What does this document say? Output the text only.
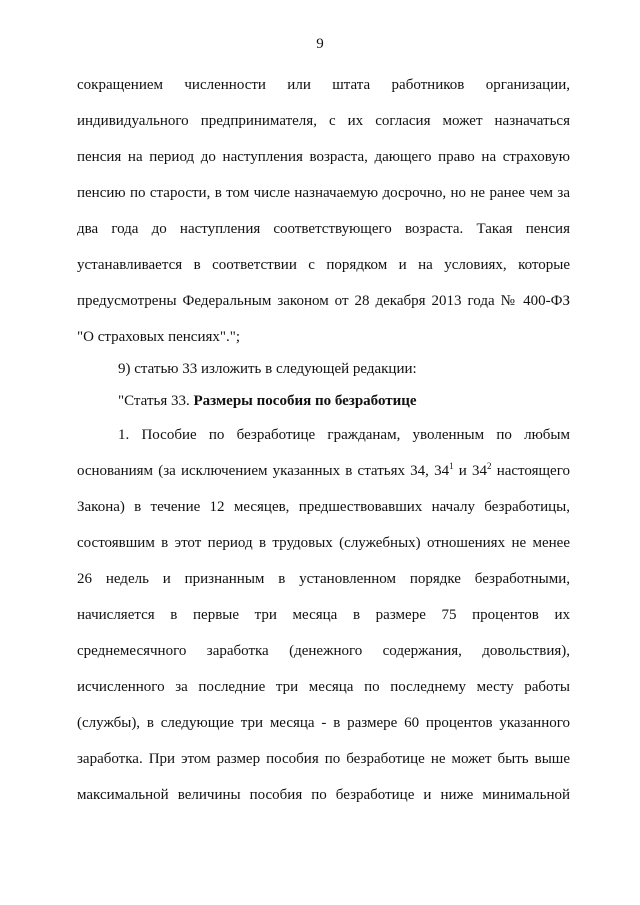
9
сокращением численности или штата работников организации,
индивидуального предпринимателя, с их согласия может назначаться
пенсия на период до наступления возраста, дающего право на страховую
пенсию по старости, в том числе назначаемую досрочно, но не ранее чем за
два года до наступления соответствующего возраста. Такая пенсия
устанавливается в соответствии с порядком и на условиях, которые
предусмотрены Федеральным законом от 28 декабря 2013 года № 400-ФЗ
"О страховых пенсиях".";
9) статью 33 изложить в следующей редакции:
"Статья 33. Размеры пособия по безработице
1. Пособие по безработице гражданам, уволенным по любым
основаниям (за исключением указанных в статьях 34, $34^1$ и $34^2$ настоящего
Закона) в течение 12 месяцев, предшествовавших началу безработицы,
состоявшим в этот период в трудовых (служебных) отношениях не менее
26 недель и признанным в установленном порядке безработными,
начисляется в первые три месяца в размере 75 процентов их
среднемесячного заработка (денежного содержания, довольствия),
исчисленного за последние три месяца по последнему месту работы
(службы), в следующие три месяца - в размере 60 процентов указанного
заработка. При этом размер пособия по безработице не может быть выше
максимальной величины пособия по безработице и ниже минимальной
